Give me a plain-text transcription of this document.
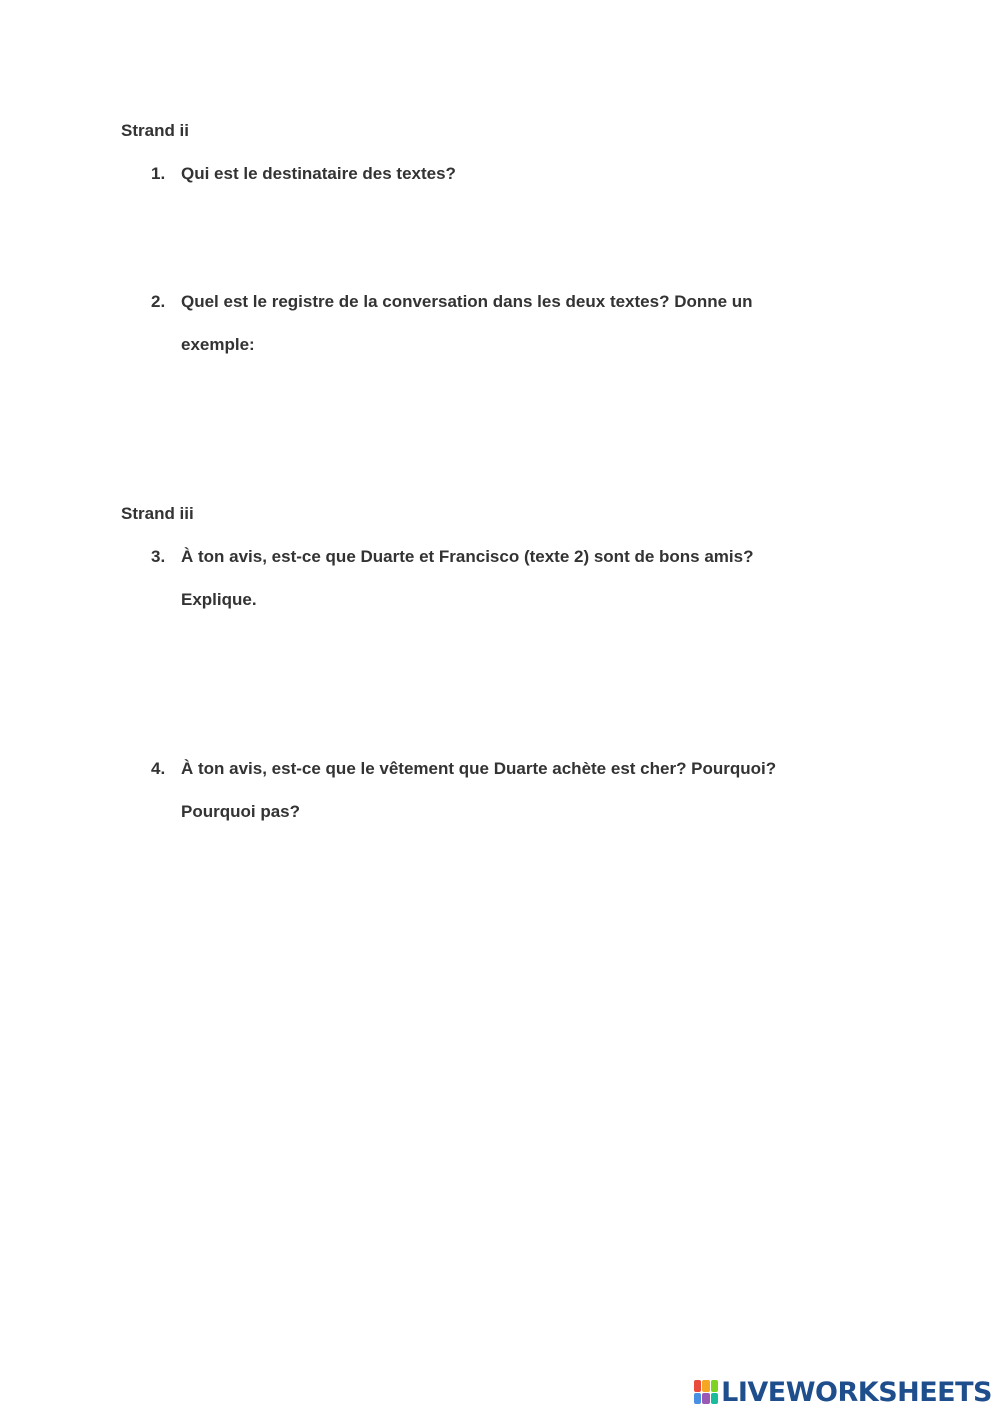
Strand ii
1. Qui est le destinataire des textes?
2. Quel est le registre de la conversation dans les deux textes? Donne un
exemple:
Strand iii
3. À ton avis, est-ce que Duarte et Francisco (texte 2) sont de bons amis?
Explique.
4. À ton avis, est-ce que le vêtement que Duarte achète est cher? Pourquoi?
Pourquoi pas?
LIVEWORKSHEETS
